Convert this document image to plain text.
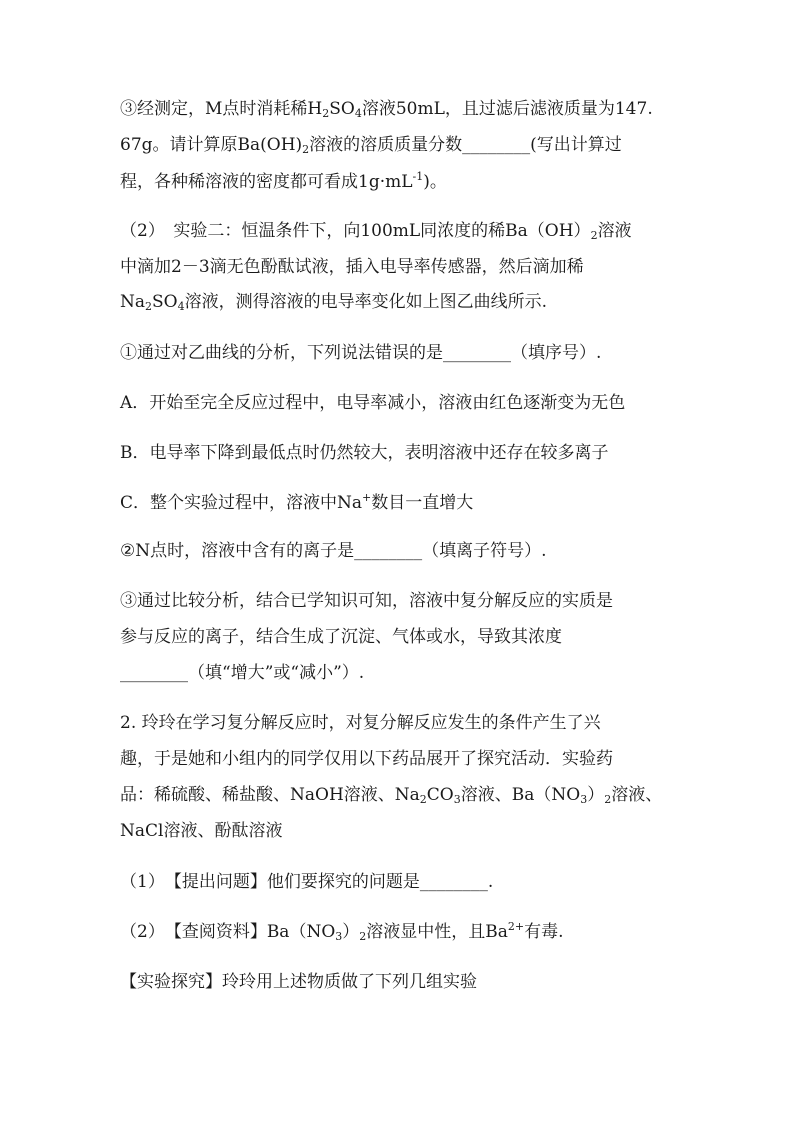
③经测定，M点时消耗稀$H_2SO_4$溶液50mL，且过滤后滤液质量为147.
67g。请计算原$Ba(OH)_2$溶液的溶质质量分数________(写出计算过
程，各种稀溶液的密度都可看成$1g\cdot mL^{-1}$)。
（2）　实验二：恒温条件下，向100mL同浓度的稀$Ba(OH)_2$溶液
中滴加2－3滴无色酚酞试液，插入电导率传感器，然后滴加稀
$Na_2SO_4$溶液，测得溶液的电导率变化如上图乙曲线所示.
①通过对乙曲线的分析，下列说法错误的是________（填序号）.
A．开始至完全反应过程中，电导率减小，溶液由红色逐渐变为无色
B．电导率下降到最低点时仍然较大，表明溶液中还存在较多离子
C．整个实验过程中，溶液中Na+数目一直增大
②N点时，溶液中含有的离子是________（填离子符号）.
③通过比较分析，结合已学知识可知，溶液中复分解反应的实质是
参与反应的离子，结合生成了沉淀、气体或水，导致其浓度
________（填“增大”或“减小”）.
2. 玲玲在学习复分解反应时，对复分解反应发生的条件产生了兴
趣，于是她和小组内的同学仅用以下药品展开了探究活动．实验药
品：稀硫酸、稀盐酸、NaOH溶液、$Na_2CO_3$溶液、$Ba(NO_3)_2$溶液、
NaCl溶液、酚酞溶液
（1）　【提出问题】他们要探究的问题是________.
（2）　【查阅资料】$Ba(NO_3)_2$溶液显中性，且$Ba^{2+}$有毒.
【实验探究】玲玲用上述物质做了下列几组实验
